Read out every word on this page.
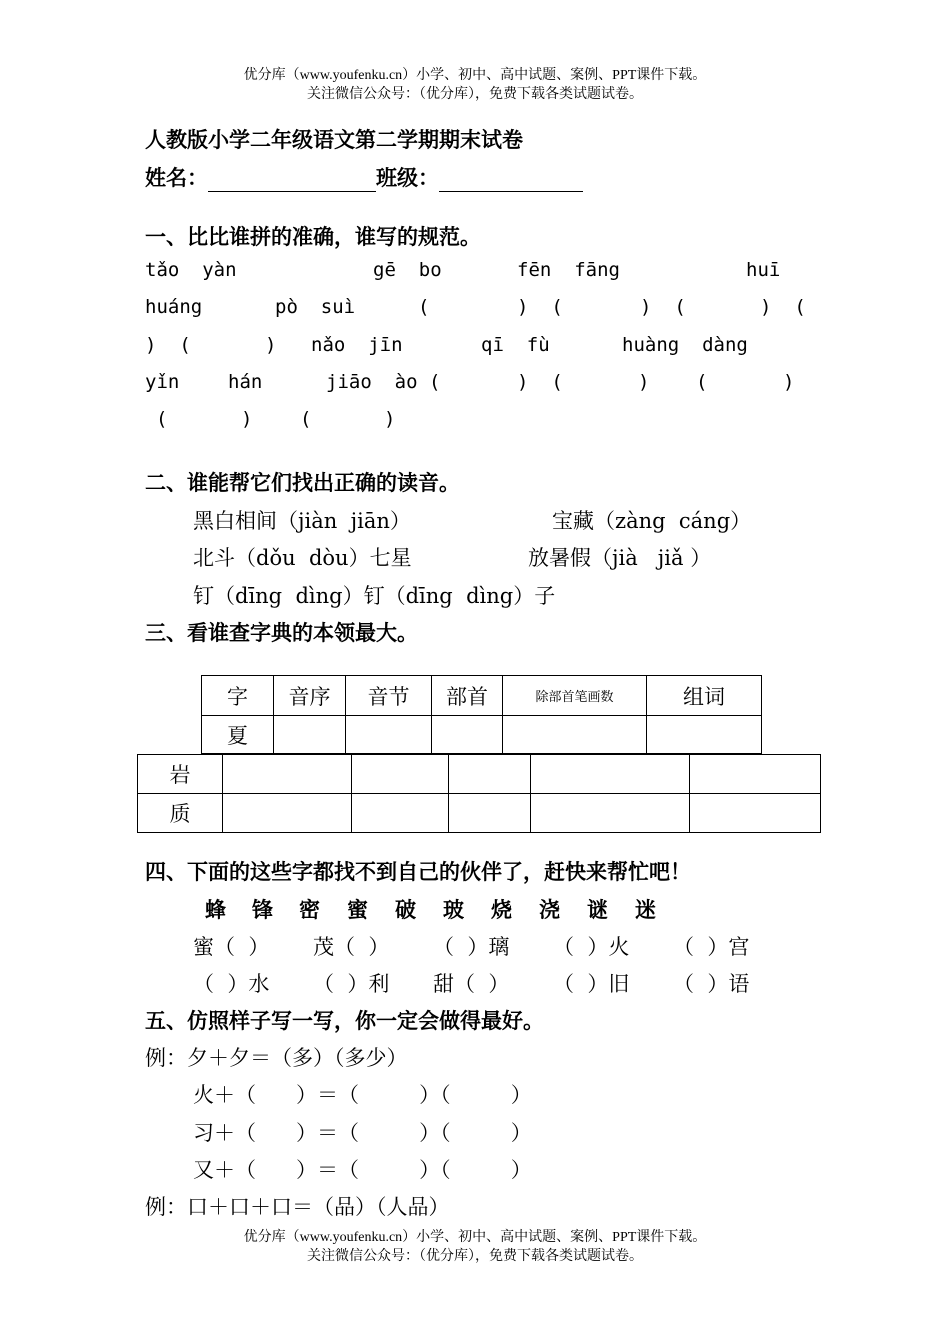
优分库（www.youfenku.cn）小学、初中、高中试题、案例、PPT课件下载。
关注微信公众号：（优分库），免费下载各类试题试卷。
人教版小学二年级语文第二学期期末试卷
姓名：	班级：
一、比比谁拼的准确，谁写的规范。
tǎo  yàn	gē  bo	fēn  fāng	huī
huáng	pò  suì	(	)  (	)  (	)  (
)  (	) nǎo  jīn	qī  fù	huàng  dàng
yǐn	hán	jiāo  ào (	)  (	) (	)
(	)	(	)
二、谁能帮它们找出正确的读音。
黑白相间（jiàn  jiān）	宝藏（zàng  cáng）
北斗（dǒu  dòu）七星	放暑假（jià   jiǎ ）
钉（dīng  dìng）钉（dīng  dìng）子
三、看谁查字典的本领最大。
字	音序	音节	部首	除部首笔画数	组词
夏					
岩					
质					
四、下面的这些字都找不到自己的伙伴了，赶快来帮忙吧！
蜂 锋 密 蜜 破 玻 烧 浇 谜 迷
蜜（  ） 茂（  ） （  ）璃 （  ）火 （  ）宫
（  ）水 （  ）利 甜（  ） （  ）旧 （  ）语
五、仿照样子写一写，你一定会做得最好。
例：夕＋夕＝（多）（多少）
火＋（      ）＝（         ）（         ）
习＋（      ）＝（         ）（         ）
又＋（      ）＝（         ）（         ）
例：口＋口＋口＝（品）（人品）
优分库（www.youfenku.cn）小学、初中、高中试题、案例、PPT课件下载。
关注微信公众号：（优分库），免费下载各类试题试卷。
